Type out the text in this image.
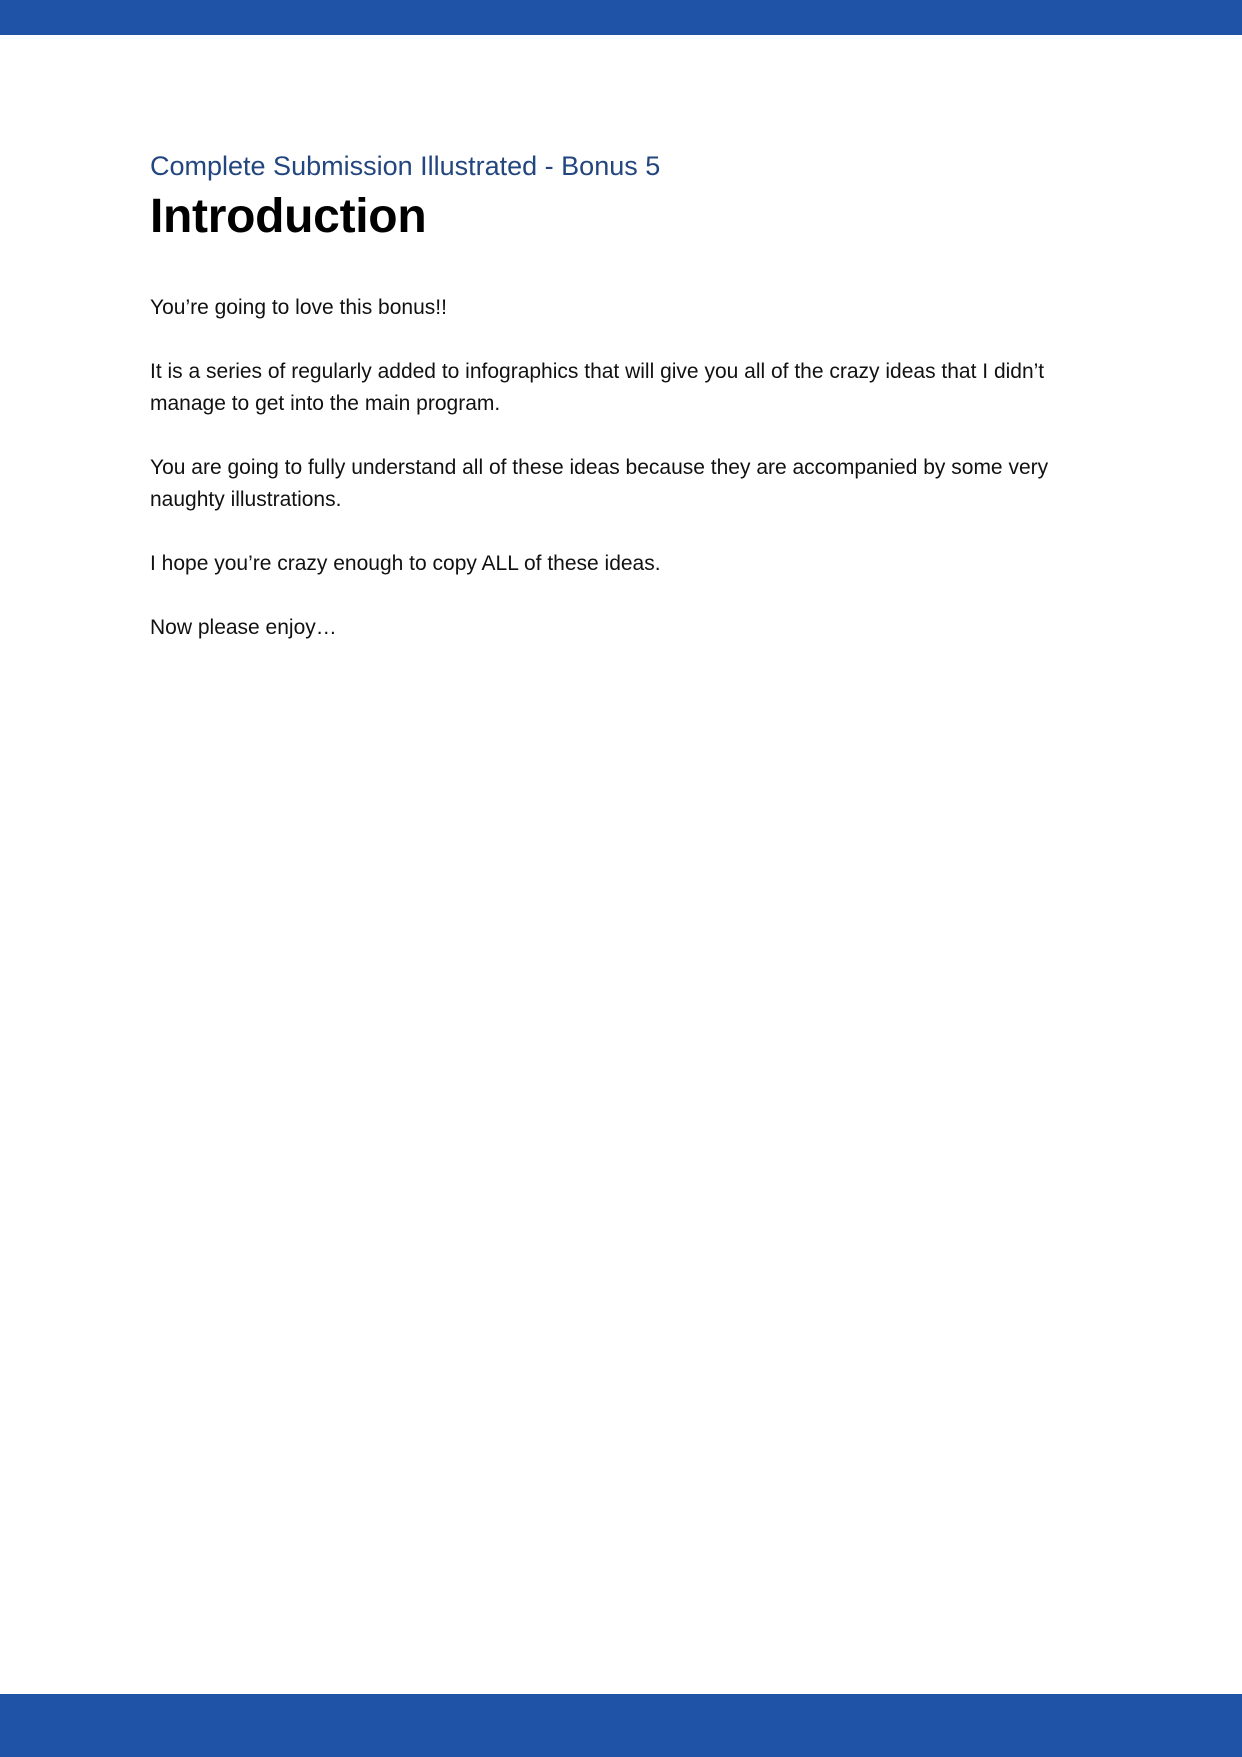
Complete Submission Illustrated - Bonus 5
Introduction

You’re going to love this bonus!!

It is a series of regularly added to infographics that will give you all of the crazy ideas that I didn’t manage to get into the main program.

You are going to fully understand all of these ideas because they are accompanied by some very naughty illustrations.

I hope you’re crazy enough to copy ALL of these ideas.

Now please enjoy…
